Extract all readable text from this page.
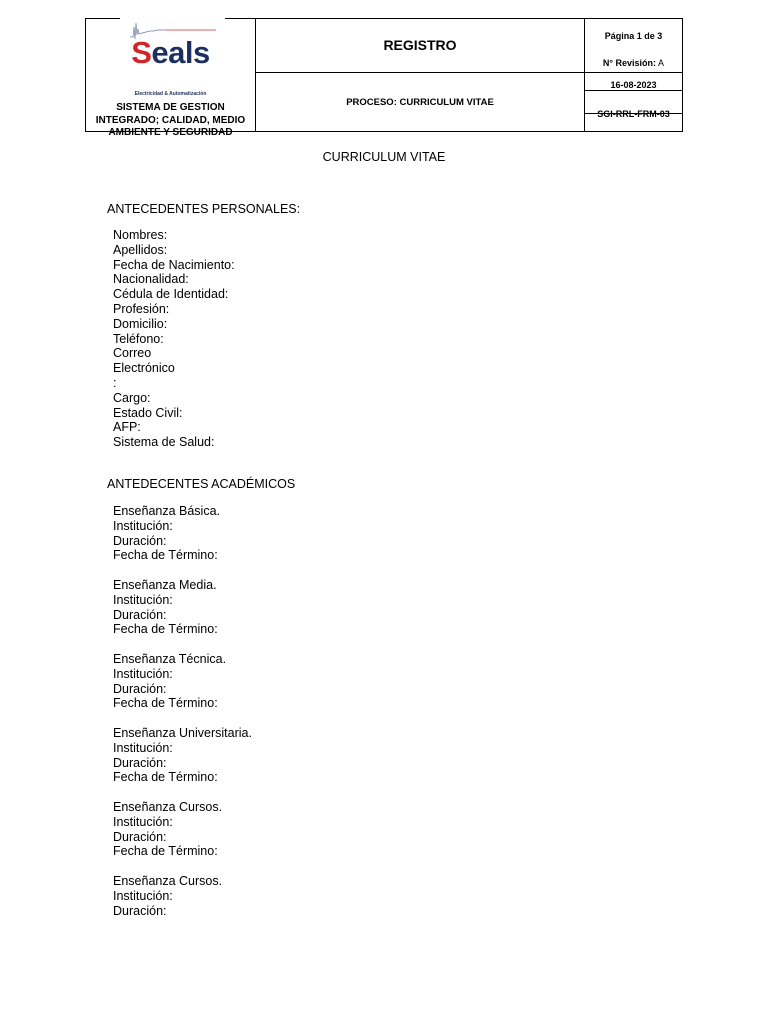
Seals
Electricidad & Automatización
SISTEMA DE GESTION
INTEGRADO; CALIDAD, MEDIO
AMBIENTE Y SEGURIDAD
REGISTRO
PROCESO: CURRICULUM VITAE
Página 1 de 3
N° Revisión: A
16-08-2023
SGI-RRL-FRM-03
CURRICULUM VITAE
ANTECEDENTES PERSONALES:
Nombres:
Apellidos:
Fecha de Nacimiento:
Nacionalidad:
Cédula de Identidad:
Profesión:
Domicilio:
Teléfono:
Correo
Electrónico
:
Cargo:
Estado Civil:
AFP:
Sistema de Salud:
ANTEDECENTES ACADÉMICOS
Enseñanza Básica.
Institución:
Duración:
Fecha de Término:
Enseñanza Media.
Institución:
Duración:
Fecha de Término:
Enseñanza Técnica.
Institución:
Duración:
Fecha de Término:
Enseñanza Universitaria.
Institución:
Duración:
Fecha de Término:
Enseñanza Cursos.
Institución:
Duración:
Fecha de Término:
Enseñanza Cursos.
Institución:
Duración:
